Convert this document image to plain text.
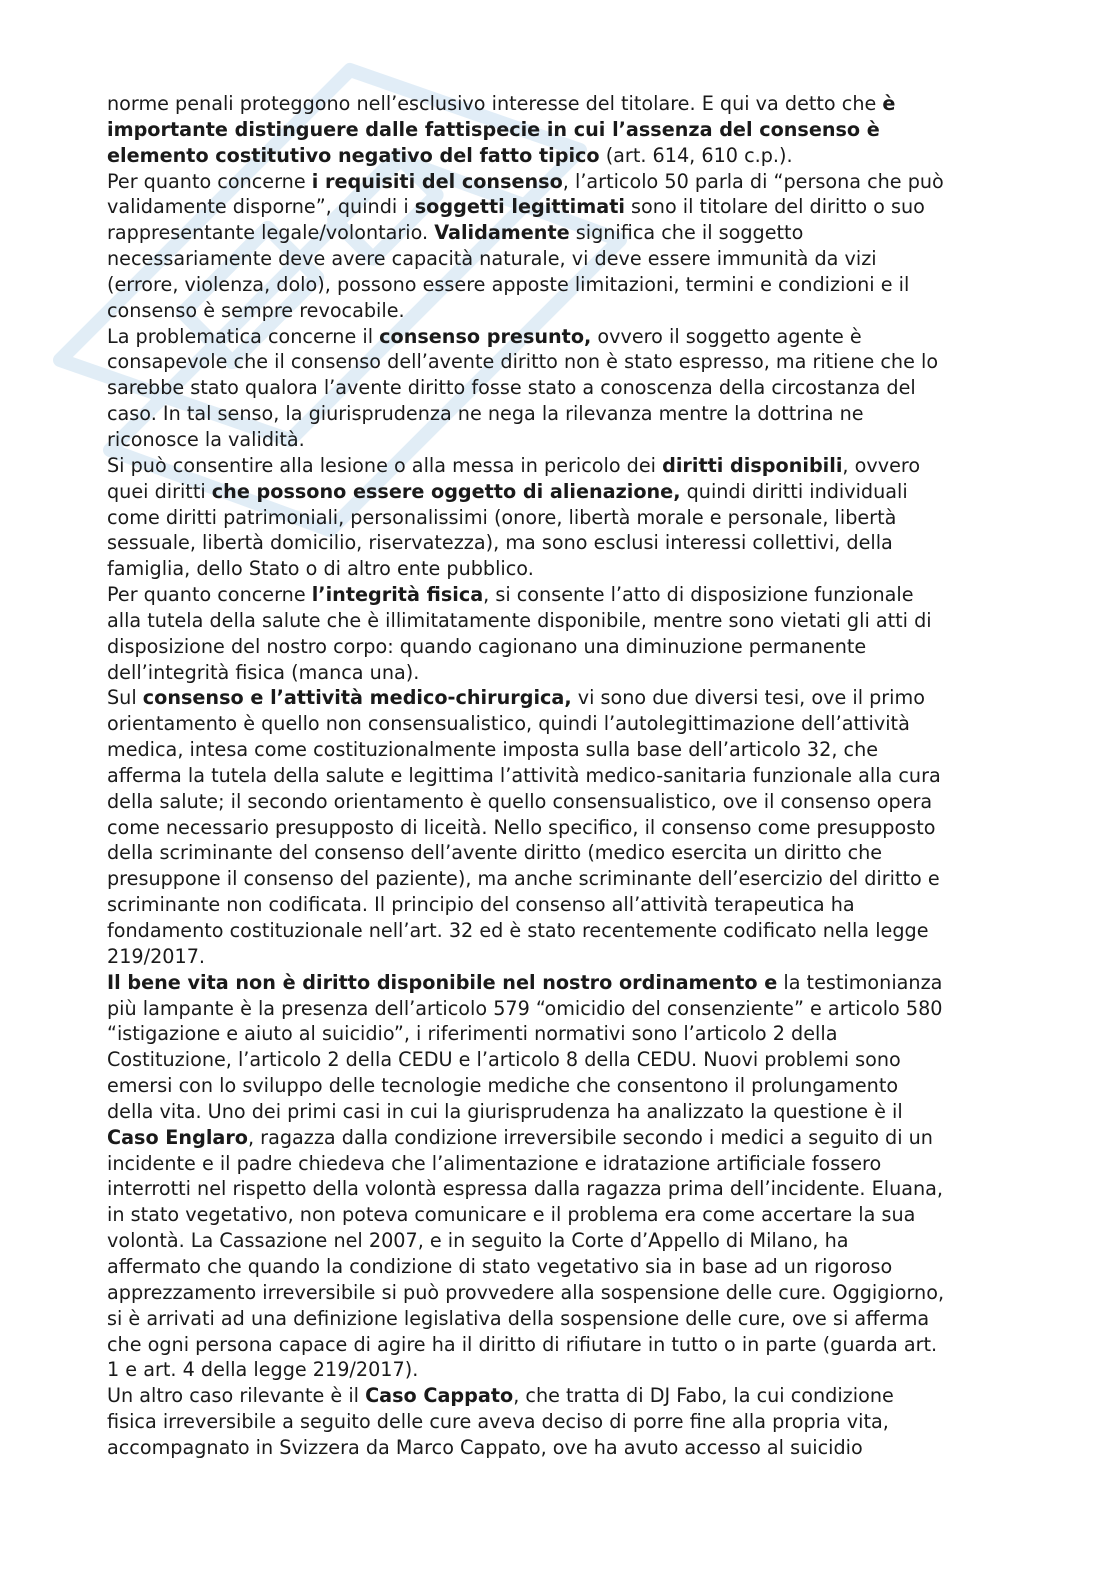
norme penali proteggono nell’esclusivo interesse del titolare. E qui va detto che è
importante distinguere dalle fattispecie in cui l’assenza del consenso è
elemento costitutivo negativo del fatto tipico (art. 614, 610 c.p.).
Per quanto concerne i requisiti del consenso, l’articolo 50 parla di “persona che può
validamente disporne”, quindi i soggetti legittimati sono il titolare del diritto o suo
rappresentante legale/volontario. Validamente significa che il soggetto
necessariamente deve avere capacità naturale, vi deve essere immunità da vizi
(errore, violenza, dolo), possono essere apposte limitazioni, termini e condizioni e il
consenso è sempre revocabile.
La problematica concerne il consenso presunto, ovvero il soggetto agente è
consapevole che il consenso dell’avente diritto non è stato espresso, ma ritiene che lo
sarebbe stato qualora l’avente diritto fosse stato a conoscenza della circostanza del
caso. In tal senso, la giurisprudenza ne nega la rilevanza mentre la dottrina ne
riconosce la validità.
Si può consentire alla lesione o alla messa in pericolo dei diritti disponibili, ovvero
quei diritti che possono essere oggetto di alienazione, quindi diritti individuali
come diritti patrimoniali, personalissimi (onore, libertà morale e personale, libertà
sessuale, libertà domicilio, riservatezza), ma sono esclusi interessi collettivi, della
famiglia, dello Stato o di altro ente pubblico.
Per quanto concerne l’integrità fisica, si consente l’atto di disposizione funzionale
alla tutela della salute che è illimitatamente disponibile, mentre sono vietati gli atti di
disposizione del nostro corpo: quando cagionano una diminuzione permanente
dell’integrità fisica (manca una).
Sul consenso e l’attività medico-chirurgica, vi sono due diversi tesi, ove il primo
orientamento è quello non consensualistico, quindi l’autolegittimazione dell’attività
medica, intesa come costituzionalmente imposta sulla base dell’articolo 32, che
afferma la tutela della salute e legittima l’attività medico-sanitaria funzionale alla cura
della salute; il secondo orientamento è quello consensualistico, ove il consenso opera
come necessario presupposto di liceità. Nello specifico, il consenso come presupposto
della scriminante del consenso dell’avente diritto (medico esercita un diritto che
presuppone il consenso del paziente), ma anche scriminante dell’esercizio del diritto e
scriminante non codificata. Il principio del consenso all’attività terapeutica ha
fondamento costituzionale nell’art. 32 ed è stato recentemente codificato nella legge
219/2017.
Il bene vita non è diritto disponibile nel nostro ordinamento e la testimonianza
più lampante è la presenza dell’articolo 579 “omicidio del consenziente” e articolo 580
“istigazione e aiuto al suicidio”, i riferimenti normativi sono l’articolo 2 della
Costituzione, l’articolo 2 della CEDU e l’articolo 8 della CEDU. Nuovi problemi sono
emersi con lo sviluppo delle tecnologie mediche che consentono il prolungamento
della vita. Uno dei primi casi in cui la giurisprudenza ha analizzato la questione è il
Caso Englaro, ragazza dalla condizione irreversibile secondo i medici a seguito di un
incidente e il padre chiedeva che l’alimentazione e idratazione artificiale fossero
interrotti nel rispetto della volontà espressa dalla ragazza prima dell’incidente. Eluana,
in stato vegetativo, non poteva comunicare e il problema era come accertare la sua
volontà. La Cassazione nel 2007, e in seguito la Corte d’Appello di Milano, ha
affermato che quando la condizione di stato vegetativo sia in base ad un rigoroso
apprezzamento irreversibile si può provvedere alla sospensione delle cure. Oggigiorno,
si è arrivati ad una definizione legislativa della sospensione delle cure, ove si afferma
che ogni persona capace di agire ha il diritto di rifiutare in tutto o in parte (guarda art.
1 e art. 4 della legge 219/2017).
Un altro caso rilevante è il Caso Cappato, che tratta di DJ Fabo, la cui condizione
fisica irreversibile a seguito delle cure aveva deciso di porre fine alla propria vita,
accompagnato in Svizzera da Marco Cappato, ove ha avuto accesso al suicidio
